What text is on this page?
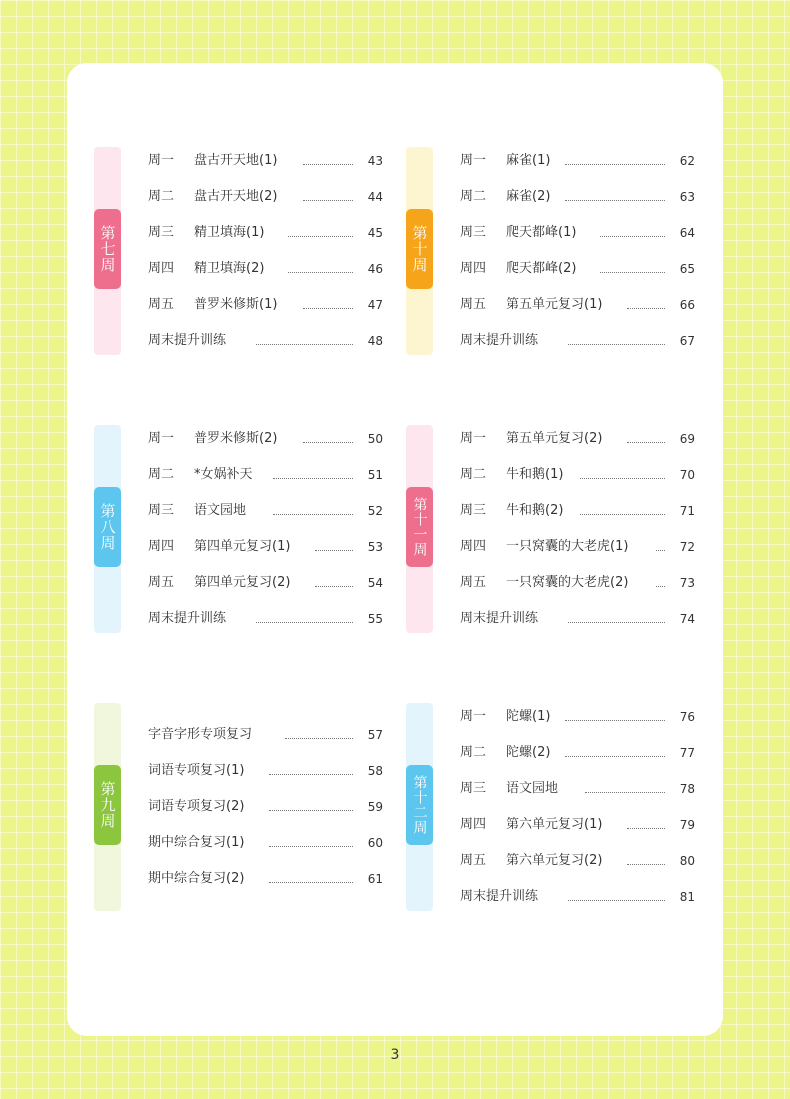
第七周
周一 盘古开天地(1)	43
周二 盘古开天地(2)	44
周三 精卫填海(1)	45
周四 精卫填海(2)	46
周五 普罗米修斯(1)	47
周末提升训练	48
第十周
周一 麻雀(1)	62
周二 麻雀(2)	63
周三 爬天都峰(1)	64
周四 爬天都峰(2)	65
周五 第五单元复习(1)	66
周末提升训练	67
第八周
周一 普罗米修斯(2)	50
周二 *女娲补天	51
周三 语文园地	52
周四 第四单元复习(1)	53
周五 第四单元复习(2)	54
周末提升训练	55
第十一周
周一 第五单元复习(2)	69
周二 牛和鹅(1)	70
周三 牛和鹅(2)	71
周四 一只窝囊的大老虎(1)	72
周五 一只窝囊的大老虎(2)	73
周末提升训练	74
第九周
字音字形专项复习	57
词语专项复习(1)	58
词语专项复习(2)	59
期中综合复习(1)	60
期中综合复习(2)	61
第十二周
周一 陀螺(1)	76
周二 陀螺(2)	77
周三 语文园地	78
周四 第六单元复习(1)	79
周五 第六单元复习(2)	80
周末提升训练	81
3
